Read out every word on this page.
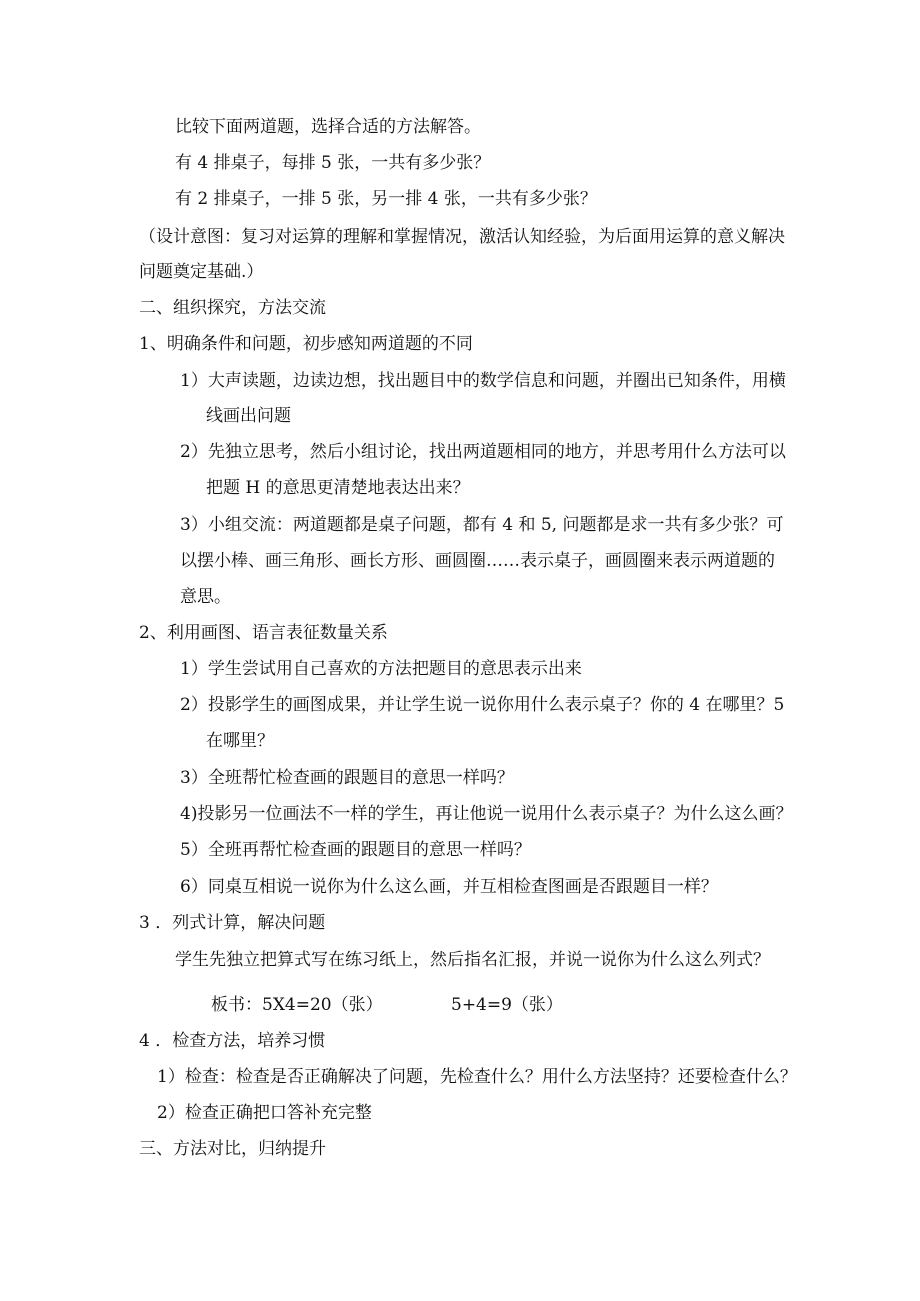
比较下面两道题，选择合适的方法解答。
有 4 排桌子，每排 5 张，一共有多少张？
有 2 排桌子，一排 5 张，另一排 4 张，一共有多少张？
（设计意图：复习对运算的理解和掌握情况，激活认知经验，为后面用运算的意义解决
问题奠定基础.）
二、组织探究，方法交流
1、明确条件和问题，初步感知两道题的不同
1）大声读题，边读边想，找出题目中的数学信息和问题，并圈出已知条件，用横
线画出问题
2）先独立思考，然后小组讨论，找出两道题相同的地方，并思考用什么方法可以
把题 H 的意思更清楚地表达出来？
3）小组交流：两道题都是桌子问题，都有 4 和 5, 问题都是求一共有多少张？可
以摆小棒、画三角形、画长方形、画圆圈……表示桌子，画圆圈来表示两道题的
意思。
2、利用画图、语言表征数量关系
1）学生尝试用自己喜欢的方法把题目的意思表示出来
2）投影学生的画图成果，并让学生说一说你用什么表示桌子？你的 4 在哪里？5
在哪里？
3）全班帮忙检查画的跟题目的意思一样吗？
4)投影另一位画法不一样的学生，再让他说一说用什么表示桌子？为什么这么画？
5）全班再帮忙检查画的跟题目的意思一样吗？
6）同桌互相说一说你为什么这么画，并互相检查图画是否跟题目一样？
3 ．列式计算，解决问题
学生先独立把算式写在练习纸上，然后指名汇报，并说一说你为什么这么列式？
板书：5X4=20（张）	5+4=9（张）
4 ．检查方法，培养习惯
1）检查：检查是否正确解决了问题，先检查什么？用什么方法坚持？还要检查什么？
2）检查正确把口答补充完整
三、方法对比，归纳提升
